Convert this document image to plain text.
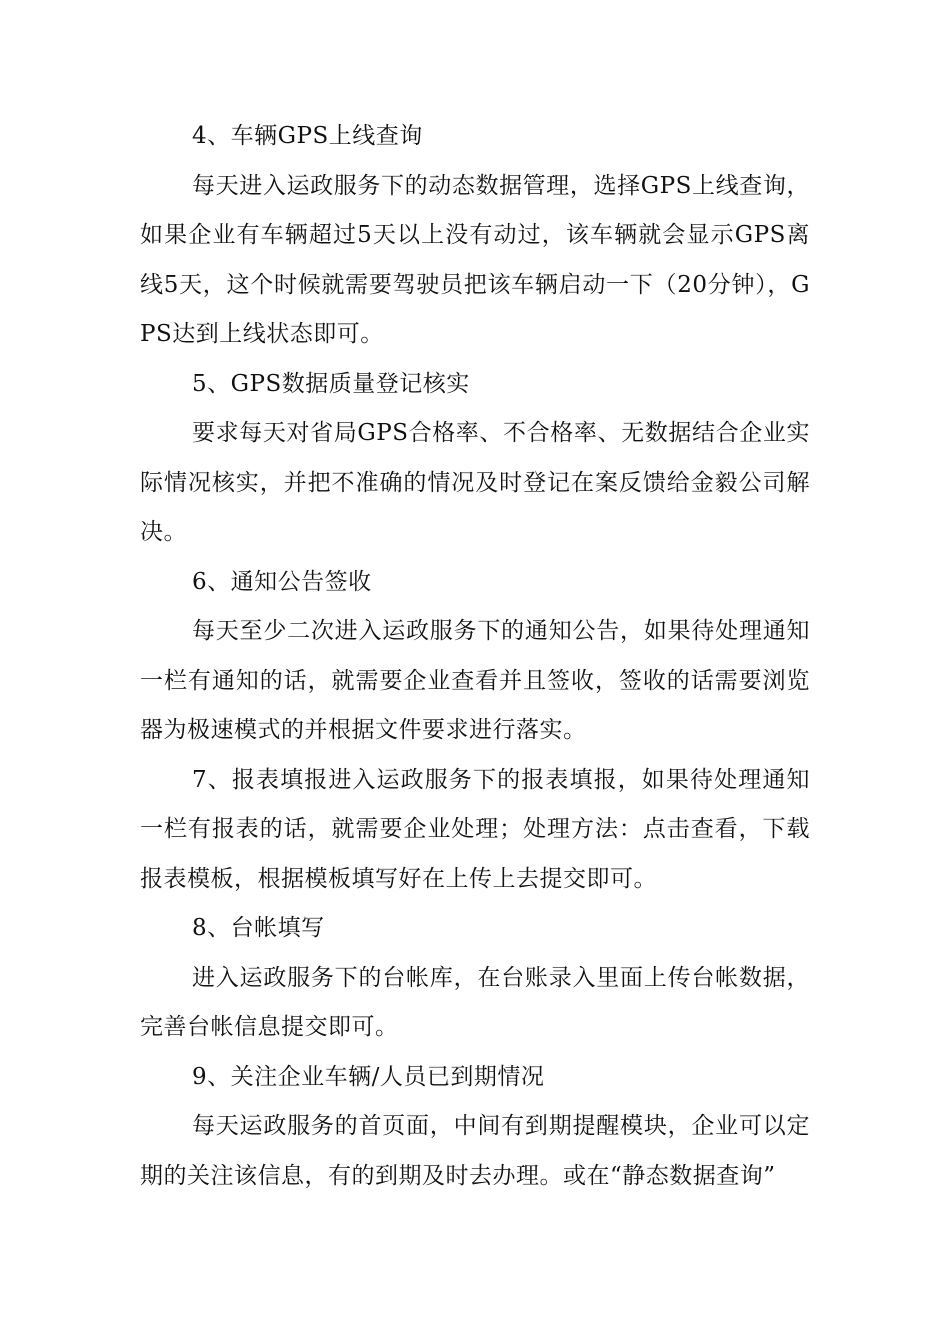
4、车辆GPS上线查询

每天进入运政服务下的动态数据管理，选择GPS上线查询，如果企业有车辆超过5天以上没有动过，该车辆就会显示GPS离线5天，这个时候就需要驾驶员把该车辆启动一下（20分钟），GPS达到上线状态即可。

5、GPS数据质量登记核实

要求每天对省局GPS合格率、不合格率、无数据结合企业实际情况核实，并把不准确的情况及时登记在案反馈给金毅公司解决。

6、通知公告签收

每天至少二次进入运政服务下的通知公告，如果待处理通知一栏有通知的话，就需要企业查看并且签收，签收的话需要浏览器为极速模式的并根据文件要求进行落实。

7、报表填报进入运政服务下的报表填报，如果待处理通知一栏有报表的话，就需要企业处理；处理方法：点击查看，下载报表模板，根据模板填写好在上传上去提交即可。

8、台帐填写

进入运政服务下的台帐库，在台账录入里面上传台帐数据，完善台帐信息提交即可。

9、关注企业车辆/人员已到期情况

每天运政服务的首页面，中间有到期提醒模块，企业可以定期的关注该信息，有的到期及时去办理。或在“静态数据查询”
